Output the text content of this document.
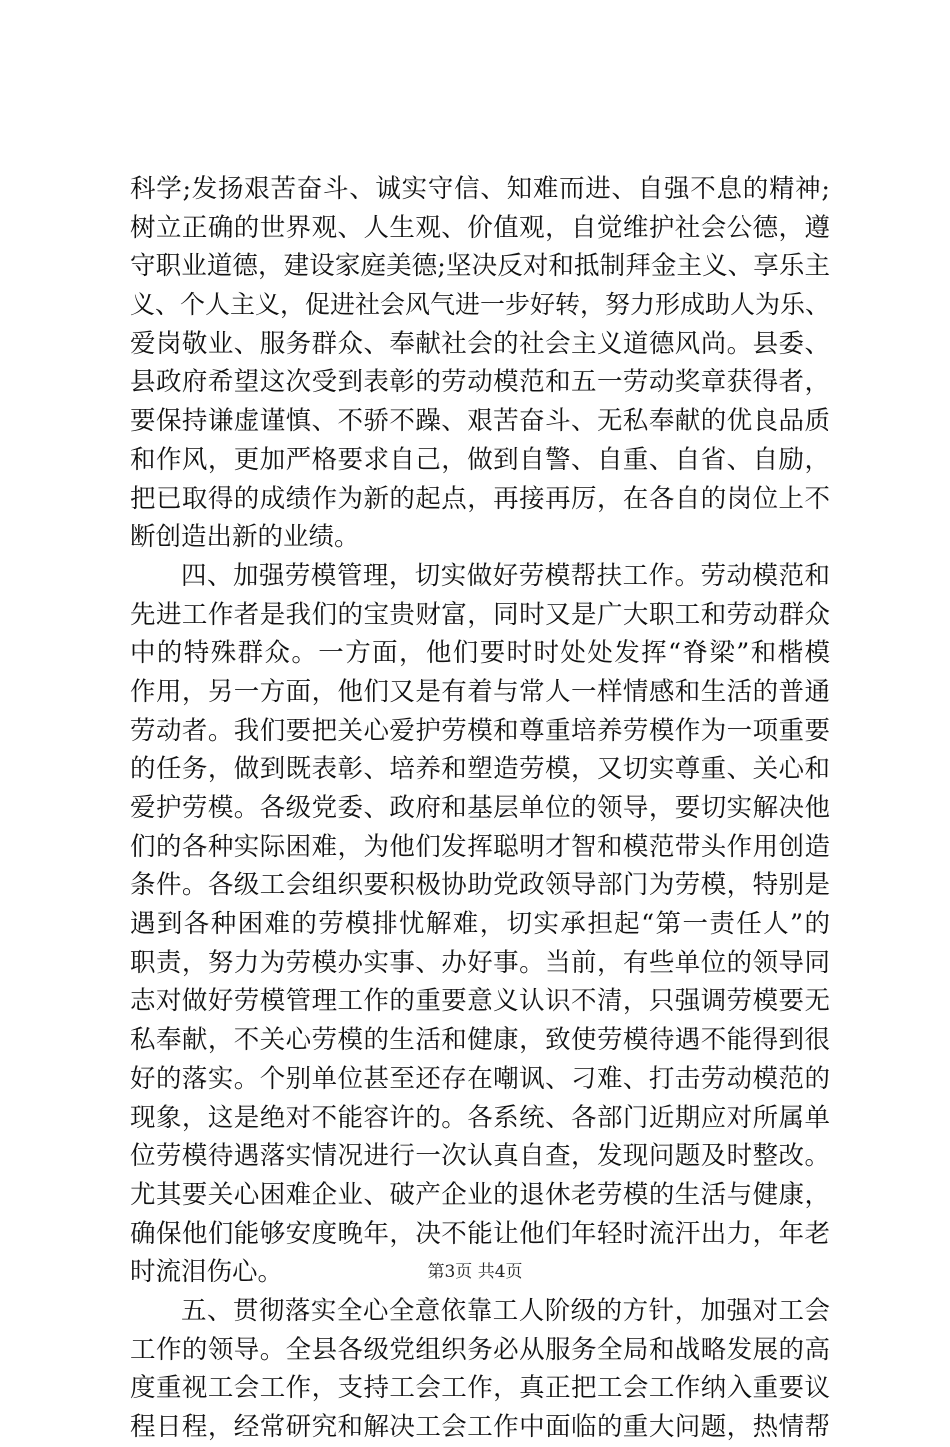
科学;发扬艰苦奋斗、诚实守信、知难而进、自强不息的精神;
树立正确的世界观、人生观、价值观，自觉维护社会公德，遵
守职业道德，建设家庭美德;坚决反对和抵制拜金主义、享乐主
义、个人主义，促进社会风气进一步好转，努力形成助人为乐、
爱岗敬业、服务群众、奉献社会的社会主义道德风尚。县委、
县政府希望这次受到表彰的劳动模范和五一劳动奖章获得者，
要保持谦虚谨慎、不骄不躁、艰苦奋斗、无私奉献的优良品质
和作风，更加严格要求自己，做到自警、自重、自省、自励，
把已取得的成绩作为新的起点，再接再厉，在各自的岗位上不
断创造出新的业绩。
四、加强劳模管理，切实做好劳模帮扶工作。劳动模范和
先进工作者是我们的宝贵财富，同时又是广大职工和劳动群众
中的特殊群众。一方面，他们要时时处处发挥“脊梁”和楷模
作用，另一方面，他们又是有着与常人一样情感和生活的普通
劳动者。我们要把关心爱护劳模和尊重培养劳模作为一项重要
的任务，做到既表彰、培养和塑造劳模，又切实尊重、关心和
爱护劳模。各级党委、政府和基层单位的领导，要切实解决他
们的各种实际困难，为他们发挥聪明才智和模范带头作用创造
条件。各级工会组织要积极协助党政领导部门为劳模，特别是
遇到各种困难的劳模排忧解难，切实承担起“第一责任人”的
职责，努力为劳模办实事、办好事。当前，有些单位的领导同
志对做好劳模管理工作的重要意义认识不清，只强调劳模要无
私奉献，不关心劳模的生活和健康，致使劳模待遇不能得到很
好的落实。个别单位甚至还存在嘲讽、刁难、打击劳动模范的
现象，这是绝对不能容许的。各系统、各部门近期应对所属单
位劳模待遇落实情况进行一次认真自查，发现问题及时整改。
尤其要关心困难企业、破产企业的退休老劳模的生活与健康，
确保他们能够安度晚年，决不能让他们年轻时流汗出力，年老
时流泪伤心。
五、贯彻落实全心全意依靠工人阶级的方针，加强对工会
工作的领导。全县各级党组织务必从服务全局和战略发展的高
度重视工会工作，支持工会工作，真正把工会工作纳入重要议
程日程，经常研究和解决工会工作中面临的重大问题，热情帮
第3页 共4页
